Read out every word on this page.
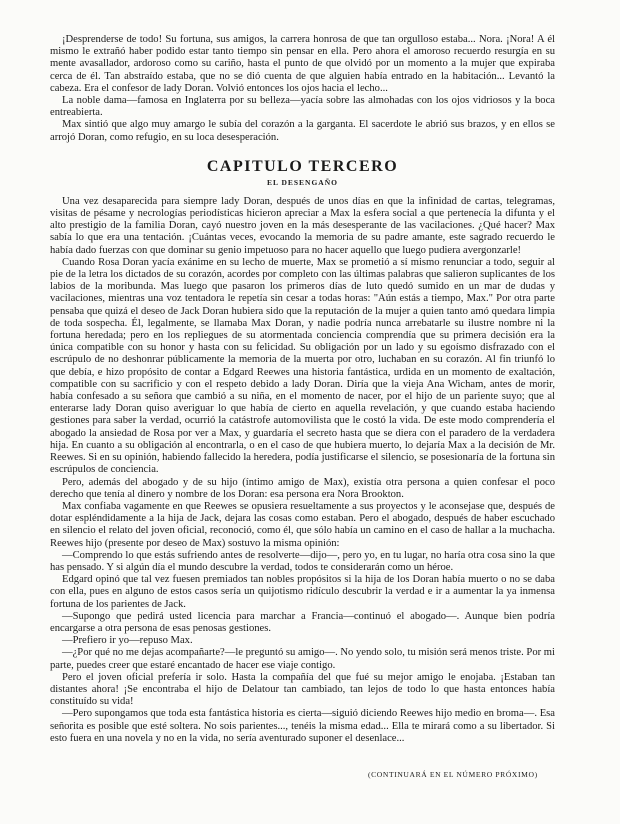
¡Desprenderse de todo! Su fortuna, sus amigos, la carrera honrosa de que tan orgulloso estaba... Nora. ¡Nora! A él mismo le extrañó haber podido estar tanto tiempo sin pensar en ella. Pero ahora el amoroso recuerdo resurgía en su mente avasallador, ardoroso como su cariño, hasta el punto de que olvidó por un momento a la mujer que expiraba cerca de él. Tan abstraído estaba, que no se dió cuenta de que alguien había entrado en la habitación... Levantó la cabeza. Era el confesor de lady Doran. Volvió entonces los ojos hacia el lecho...

La noble dama—famosa en Inglaterra por su belleza—yacía sobre las almohadas con los ojos vidriosos y la boca entreabierta.

Max sintió que algo muy amargo le subía del corazón a la garganta. El sacerdote le abrió sus brazos, y en ellos se arrojó Doran, como refugio, en su loca desesperación.

CAPITULO TERCERO
EL DESENGAÑO

Una vez desaparecida para siempre lady Doran, después de unos días en que la infinidad de cartas, telegramas, visitas de pésame y necrologías periodísticas hicieron apreciar a Max la esfera social a que pertenecía la difunta y el alto prestigio de la familia Doran, cayó nuestro joven en la más desesperante de las vacilaciones. ¿Qué hacer? Max sabía lo que era una tentación. ¡Cuántas veces, evocando la memoria de su padre amante, este sagrado recuerdo le había dado fuerzas con que dominar su genio impetuoso para no hacer aquello que luego pudiera avergonzarle!

Cuando Rosa Doran yacía exánime en su lecho de muerte, Max se prometió a sí mismo renunciar a todo, seguir al pie de la letra los dictados de su corazón, acordes por completo con las últimas palabras que salieron suplicantes de los labios de la moribunda. Mas luego que pasaron los primeros días de luto quedó sumido en un mar de dudas y vacilaciones, mientras una voz tentadora le repetía sin cesar a todas horas: "Aún estás a tiempo, Max." Por otra parte pensaba que quizá el deseo de Jack Doran hubiera sido que la reputación de la mujer a quien tanto amó quedara limpia de toda sospecha. Él, legalmente, se llamaba Max Doran, y nadie podría nunca arrebatarle su ilustre nombre ni la fortuna heredada; pero en los repliegues de su atormentada conciencia comprendía que su primera decisión era la única compatible con su honor y hasta con su felicidad. Su obligación por un lado y su egoísmo disfrazado con el escrúpulo de no deshonrar públicamente la memoria de la muerta por otro, luchaban en su corazón. Al fin triunfó lo que debía, e hizo propósito de contar a Edgard Reewes una historia fantástica, urdida en un momento de exaltación, compatible con su sacrificio y con el respeto debido a lady Doran. Diría que la vieja Ana Wicham, antes de morir, había confesado a su señora que cambió a su niña, en el momento de nacer, por el hijo de un pariente suyo; que al enterarse lady Doran quiso averiguar lo que había de cierto en aquella revelación, y que cuando estaba haciendo gestiones para saber la verdad, ocurrió la catástrofe automovilista que le costó la vida. De este modo comprendería el abogado la ansiedad de Rosa por ver a Max, y guardaría el secreto hasta que se diera con el paradero de la verdadera hija. En cuanto a su obligación al encontrarla, o en el caso de que hubiera muerto, lo dejaría Max a la decisión de Mr. Reewes. Si en su opinión, habiendo fallecido la heredera, podía justificarse el silencio, se posesionaría de la fortuna sin escrúpulos de conciencia.

Pero, además del abogado y de su hijo (íntimo amigo de Max), existía otra persona a quien confesar el poco derecho que tenía al dinero y nombre de los Doran: esa persona era Nora Brookton.

Max confiaba vagamente en que Reewes se opusiera resueltamente a sus proyectos y le aconsejase que, después de dotar espléndidamente a la hija de Jack, dejara las cosas como estaban. Pero el abogado, después de haber escuchado en silencio el relato del joven oficial, reconoció, como él, que sólo había un camino en el caso de hallar a la muchacha. Reewes hijo (presente por deseo de Max) sostuvo la misma opinión:

—Comprendo lo que estás sufriendo antes de resolverte—dijo—, pero yo, en tu lugar, no haría otra cosa sino la que has pensado. Y si algún día el mundo descubre la verdad, todos te considerarán como un héroe.

Edgard opinó que tal vez fuesen premiados tan nobles propósitos si la hija de los Doran había muerto o no se daba con ella, pues en alguno de estos casos sería un quijotismo ridículo descubrir la verdad e ir a aumentar la ya inmensa fortuna de los parientes de Jack.

—Supongo que pedirá usted licencia para marchar a Francia—continuó el abogado—. Aunque bien podría encargarse a otra persona de esas penosas gestiones.

—Prefiero ir yo—repuso Max.

—¿Por qué no me dejas acompañarte?—le preguntó su amigo—. No yendo solo, tu misión será menos triste. Por mi parte, puedes creer que estaré encantado de hacer ese viaje contigo.

Pero el joven oficial prefería ir solo. Hasta la compañía del que fué su mejor amigo le enojaba. ¡Estaban tan distantes ahora! ¡Se encontraba el hijo de Delatour tan cambiado, tan lejos de todo lo que hasta entonces había constituído su vida!

—Pero supongamos que toda esta fantástica historia es cierta—siguió diciendo Reewes hijo medio en broma—. Esa señorita es posible que esté soltera. No sois parientes..., tenéis la misma edad... Ella te mirará como a su libertador. Si esto fuera en una novela y no en la vida, no sería aventurado suponer el desenlace...

(CONTINUARÁ EN EL NÚMERO PRÓXIMO)
